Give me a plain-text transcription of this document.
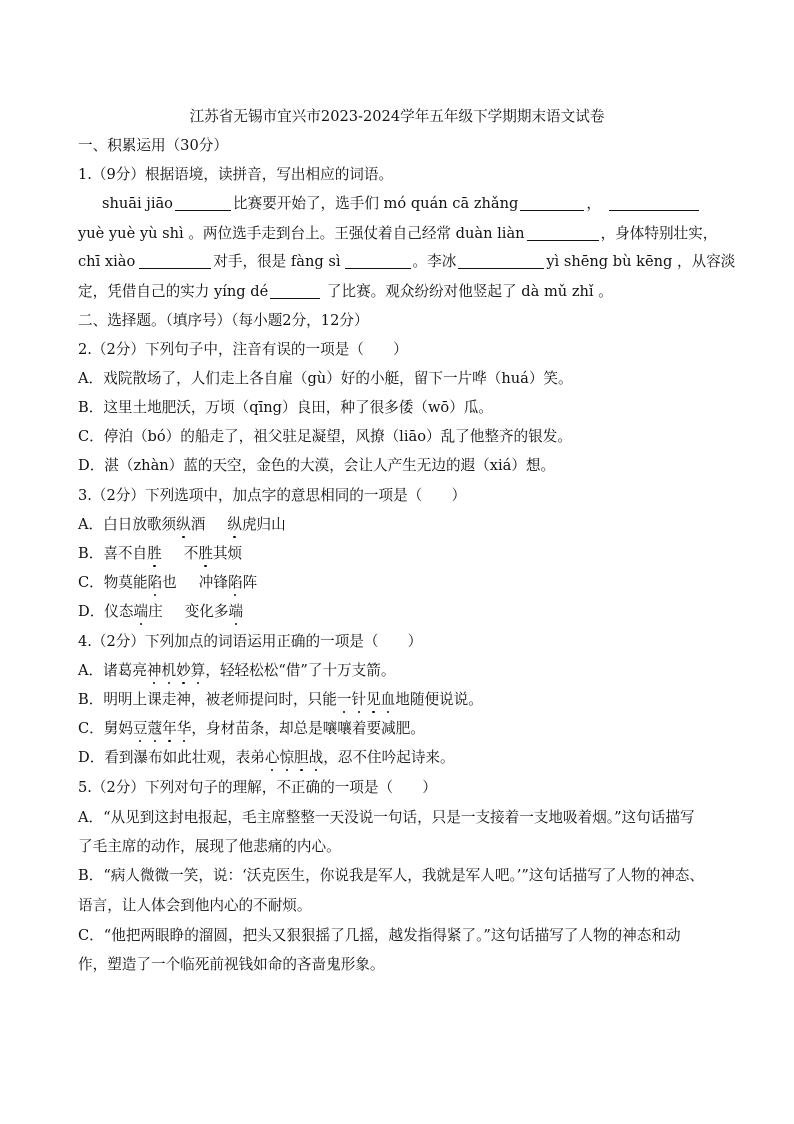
江苏省无锡市宜兴市2023-2024学年五年级下学期期末语文试卷
一、积累运用（30分）
1.（9分）根据语境，读拼音，写出相应的词语。
shuāi jiāo	比赛要开始了，选手们 mó quán cā zhǎng	，
yuè yuè yù shì 。两位选手走到台上。王强仗着自己经常 duàn liàn	，身体特别壮实，
chī xiào	对手，很是 fàng sì	。李冰	yì shēng bù kēng ，从容淡
定，凭借自己的实力 yíng dé	了比赛。观众纷纷对他竖起了 dà mǔ zhǐ 。
二、选择题。（填序号）（每小题2分，12分）
2.（2分）下列句子中，注音有误的一项是（　　）
A．戏院散场了，人们走上各自雇（gù）好的小艇，留下一片哗（huá）笑。
B．这里土地肥沃，万顷（qīng）良田，种了很多倭（wō）瓜。
C．停泊（bó）的船走了，祖父驻足凝望，风撩（liāo）乱了他整齐的银发。
D．湛（zhàn）蓝的天空，金色的大漠，会让人产生无边的遐（xiá）想。
3.（2分）下列选项中，加点字的意思相同的一项是（　　）
A．白日放歌须纵酒 纵虎归山
B．喜不自胜 不胜其烦
C．物莫能陷也 冲锋陷阵
D．仪态端庄 变化多端
4.（2分）下列加点的词语运用正确的一项是（　　）
A．诸葛亮神机妙算，轻轻松松“借”了十万支箭。
B．明明上课走神，被老师提问时，只能一针见血地随便说说。
C．舅妈豆蔻年华，身材苗条，却总是嚷嚷着要减肥。
D．看到瀑布如此壮观，表弟心惊胆战，忍不住吟起诗来。
5.（2分）下列对句子的理解，不正确的一项是（　　）
A．“从见到这封电报起，毛主席整整一天没说一句话，只是一支接着一支地吸着烟。”这句话描写
了毛主席的动作，展现了他悲痛的内心。
B．“病人微微一笑，说：‘沃克医生，你说我是军人，我就是军人吧。’”这句话描写了人物的神态、
语言，让人体会到他内心的不耐烦。
C．“他把两眼睁的溜圆，把头又狠狠摇了几摇，越发指得紧了。”这句话描写了人物的神态和动
作，塑造了一个临死前视钱如命的吝啬鬼形象。
